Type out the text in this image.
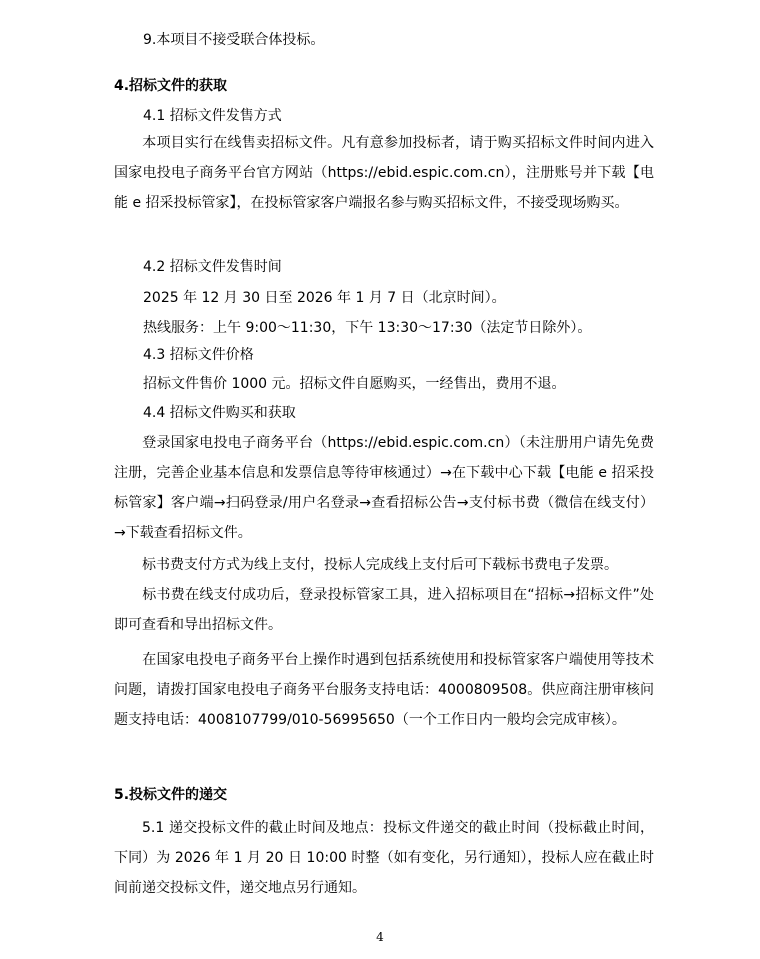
9.本项目不接受联合体投标。

4.招标文件的获取

4.1 招标文件发售方式

本项目实行在线售卖招标文件。凡有意参加投标者，请于购买招标文件时间内进入国家电投电子商务平台官方网站（https://ebid.espic.com.cn），注册账号并下载【电能 e 招采投标管家】，在投标管家客户端报名参与购买招标文件，不接受现场购买。

4.2 招标文件发售时间

2025 年 12 月 30 日至 2026 年 1 月 7 日（北京时间）。

热线服务：上午 9:00～11:30，下午 13:30～17:30（法定节日除外）。

4.3 招标文件价格

招标文件售价 1000 元。招标文件自愿购买，一经售出，费用不退。

4.4 招标文件购买和获取

登录国家电投电子商务平台（https://ebid.espic.com.cn）（未注册用户请先免费注册，完善企业基本信息和发票信息等待审核通过）→在下载中心下载【电能 e 招采投标管家】客户端→扫码登录/用户名登录→查看招标公告→支付标书费（微信在线支付）→下载查看招标文件。

标书费支付方式为线上支付，投标人完成线上支付后可下载标书费电子发票。

标书费在线支付成功后，登录投标管家工具，进入招标项目在“招标→招标文件”处即可查看和导出招标文件。

在国家电投电子商务平台上操作时遇到包括系统使用和投标管家客户端使用等技术问题，请拨打国家电投电子商务平台服务支持电话：4000809508。供应商注册审核问题支持电话：4008107799/010-56995650（一个工作日内一般均会完成审核）。

5.投标文件的递交

5.1 递交投标文件的截止时间及地点：投标文件递交的截止时间（投标截止时间，下同）为 2026 年 1 月 20 日 10:00 时整（如有变化，另行通知），投标人应在截止时间前递交投标文件，递交地点另行通知。

4
